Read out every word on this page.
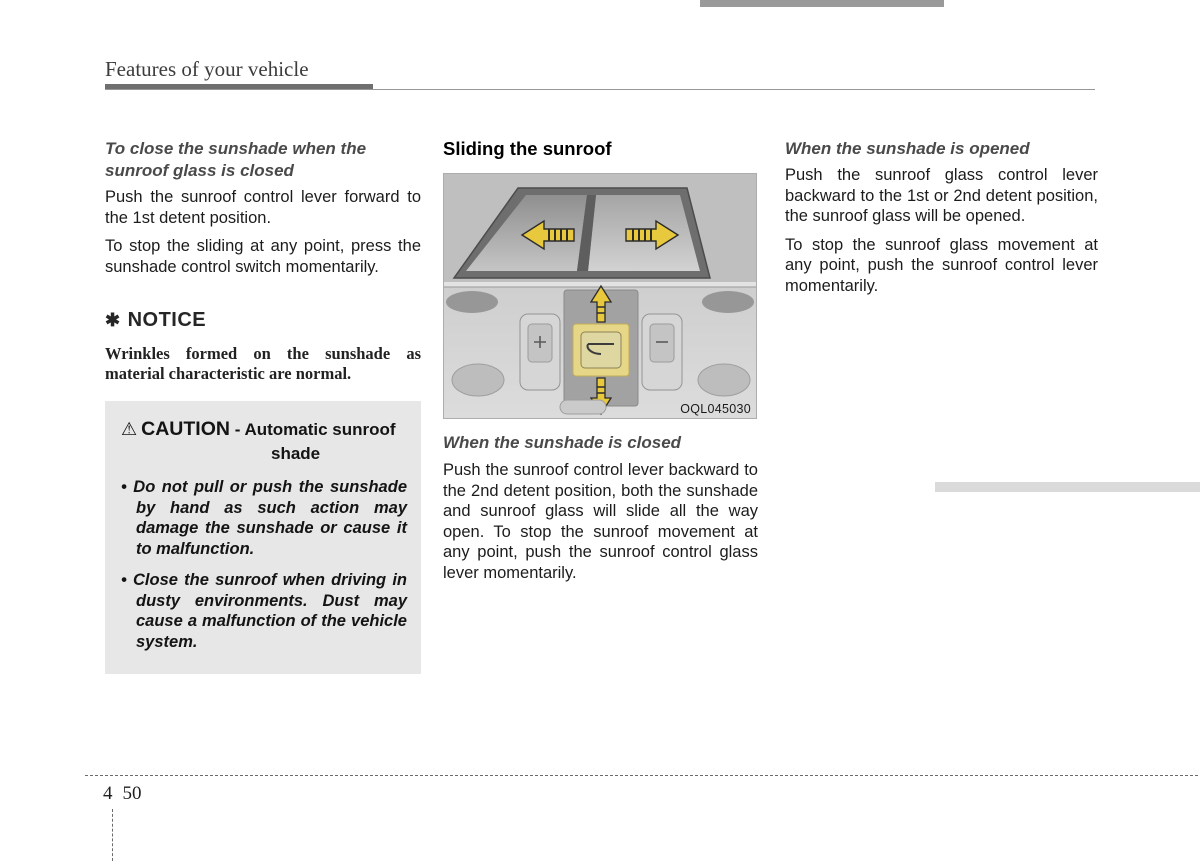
Features of your vehicle

To close the sunshade when the sunroof glass is closed

Push the sunroof control lever forward to the 1st detent position.

To stop the sliding at any point, press the sunshade control switch momentarily.

✱ NOTICE

Wrinkles formed on the sunshade as material characteristic are normal.

⚠ CAUTION - Automatic sunroof shade

• Do not pull or push the sunshade by hand as such action may damage the sunshade or cause it to malfunction.
• Close the sunroof when driving in dusty environments. Dust may cause a malfunction of the vehicle system.

Sliding the sunroof

OQL045030

When the sunshade is closed

Push the sunroof control lever backward to the 2nd detent position, both the sunshade and sunroof glass will slide all the way open. To stop the sunroof movement at any point, push the sunroof control glass lever momentarily.

When the sunshade is opened

Push the sunroof glass control lever backward to the 1st or 2nd detent position, the sunroof glass will be opened.

To stop the sunroof glass movement at any point, push the sunroof control lever momentarily.

4 50
